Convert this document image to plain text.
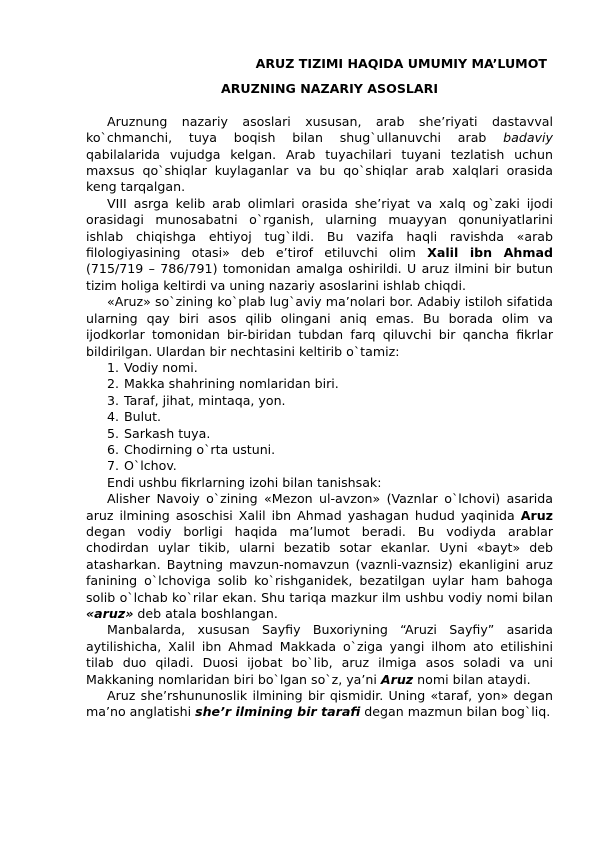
ARUZ TIZIMI HAQIDA UMUMIY MA’LUMOT
ARUZNING NAZARIY ASOSLARI

Aruznung nazariy asoslari xususan, arab she’riyati dastavval ko`chmanchi, tuya boqish bilan shug`ullanuvchi arab badaviy qabilalarida vujudga kelgan. Arab tuyachilari tuyani tezlatish uchun maxsus qo`shiqlar kuylaganlar va bu qo`shiqlar arab xalqlari orasida keng tarqalgan.

VIII asrga kelib arab olimlari orasida she’riyat va xalq og`zaki ijodi orasidagi munosabatni o`rganish, ularning muayyan qonuniyatlarini ishlab chiqishga ehtiyoj tug`ildi. Bu vazifa haqli ravishda «arab filologiyasining otasi» deb e’tirof etiluvchi olim Xalil ibn Ahmad (715/719 – 786/791) tomonidan amalga oshirildi. U aruz ilmini bir butun tizim holiga keltirdi va uning nazariy asoslarini ishlab chiqdi.

«Aruz» so`zining ko`plab lug`aviy ma’nolari bor. Adabiy istiloh sifatida ularning qay biri asos qilib olingani aniq emas. Bu borada olim va ijodkorlar tomonidan bir-biridan tubdan farq qiluvchi bir qancha fikrlar bildirilgan. Ulardan bir nechtasini keltirib o`tamiz:

1. Vodiy nomi.
2. Makka shahrining nomlaridan biri.
3. Taraf, jihat, mintaqa, yon.
4. Bulut.
5. Sarkash tuya.
6. Chodirning o`rta ustuni.
7. O`lchov.

Endi ushbu fikrlarning izohi bilan tanishsak:

Alisher Navoiy o`zining «Mezon ul-avzon» (Vaznlar o`lchovi) asarida aruz ilmining asoschisi Xalil ibn Ahmad yashagan hudud yaqinida Aruz degan vodiy borligi haqida ma’lumot beradi. Bu vodiyda arablar chodirdan uylar tikib, ularni bezatib sotar ekanlar. Uyni «bayt» deb atasharkan. Baytning mavzun-nomavzun (vaznli-vaznsiz) ekanligini aruz fanining o`lchoviga solib ko`rishganidek, bezatilgan uylar ham bahoga solib o`lchab ko`rilar ekan. Shu tariqa mazkur ilm ushbu vodiy nomi bilan «aruz» deb atala boshlangan.

Manbalarda, xususan Sayfiy Buxoriyning “Aruzi Sayfiy” asarida aytilishicha, Xalil ibn Ahmad Makkada o`ziga yangi ilhom ato etilishini tilab duo qiladi. Duosi ijobat bo`lib, aruz ilmiga asos soladi va uni Makkaning nomlaridan biri bo`lgan so`z, ya’ni Aruz nomi bilan ataydi.

Aruz she’rshununoslik ilmining bir qismidir. Uning «taraf, yon» degan ma’no anglatishi she’r ilmining bir tarafi degan mazmun bilan bog`liq.
